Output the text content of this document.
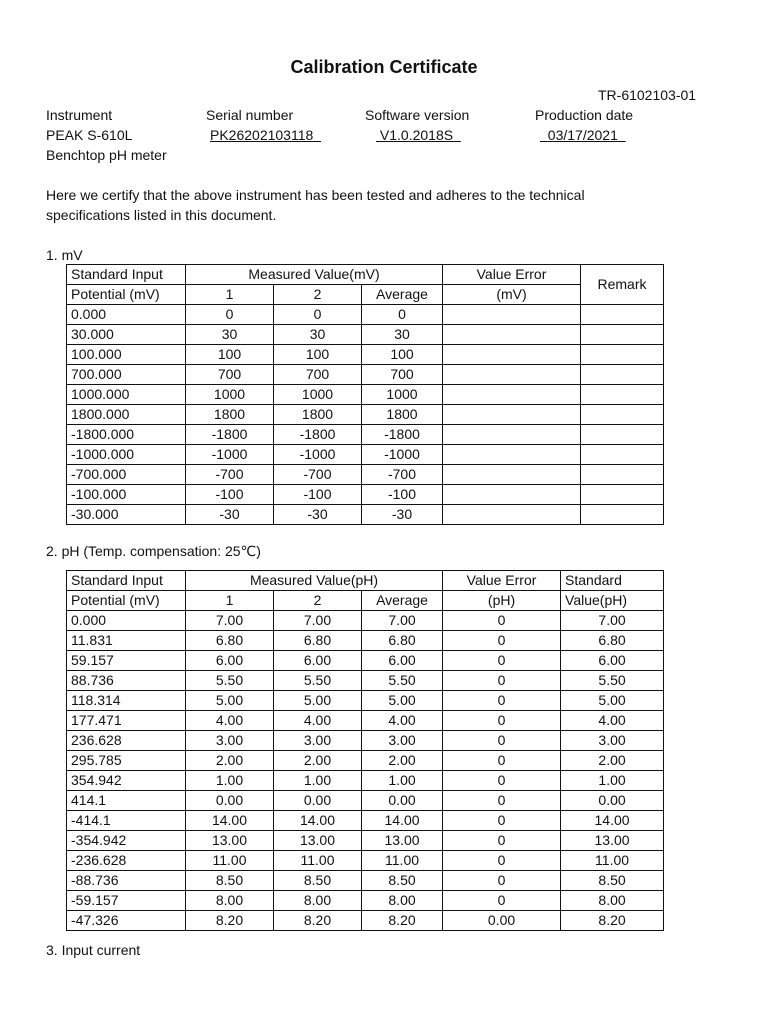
Calibration Certificate
TR-6102103-01
Instrument	Serial number	Software version	Production date
PEAK S-610L	PK26202103118	V1.0.2018S	03/17/2021
Benchtop pH meter
Here we certify that the above instrument has been tested and adheres to the technical
specifications listed in this document.
1. mV
Standard Input	Measured Value(mV)			Value Error	Remark
Potential (mV)	1	2	Average	(mV)	
0.000	0	0	0		
30.000	30	30	30		
100.000	100	100	100		
700.000	700	700	700		
1000.000	1000	1000	1000		
1800.000	1800	1800	1800		
-1800.000	-1800	-1800	-1800		
-1000.000	-1000	-1000	-1000		
-700.000	-700	-700	-700		
-100.000	-100	-100	-100		
-30.000	-30	-30	-30		
2. pH (Temp. compensation: 25℃)
Standard Input	Measured Value(pH)			Value Error	Standard
Potential (mV)	1	2	Average	(pH)	Value(pH)
0.000	7.00	7.00	7.00	0	7.00
11.831	6.80	6.80	6.80	0	6.80
59.157	6.00	6.00	6.00	0	6.00
88.736	5.50	5.50	5.50	0	5.50
118.314	5.00	5.00	5.00	0	5.00
177.471	4.00	4.00	4.00	0	4.00
236.628	3.00	3.00	3.00	0	3.00
295.785	2.00	2.00	2.00	0	2.00
354.942	1.00	1.00	1.00	0	1.00
414.1	0.00	0.00	0.00	0	0.00
-414.1	14.00	14.00	14.00	0	14.00
-354.942	13.00	13.00	13.00	0	13.00
-236.628	11.00	11.00	11.00	0	11.00
-88.736	8.50	8.50	8.50	0	8.50
-59.157	8.00	8.00	8.00	0	8.00
-47.326	8.20	8.20	8.20	0.00	8.20
3. Input current
